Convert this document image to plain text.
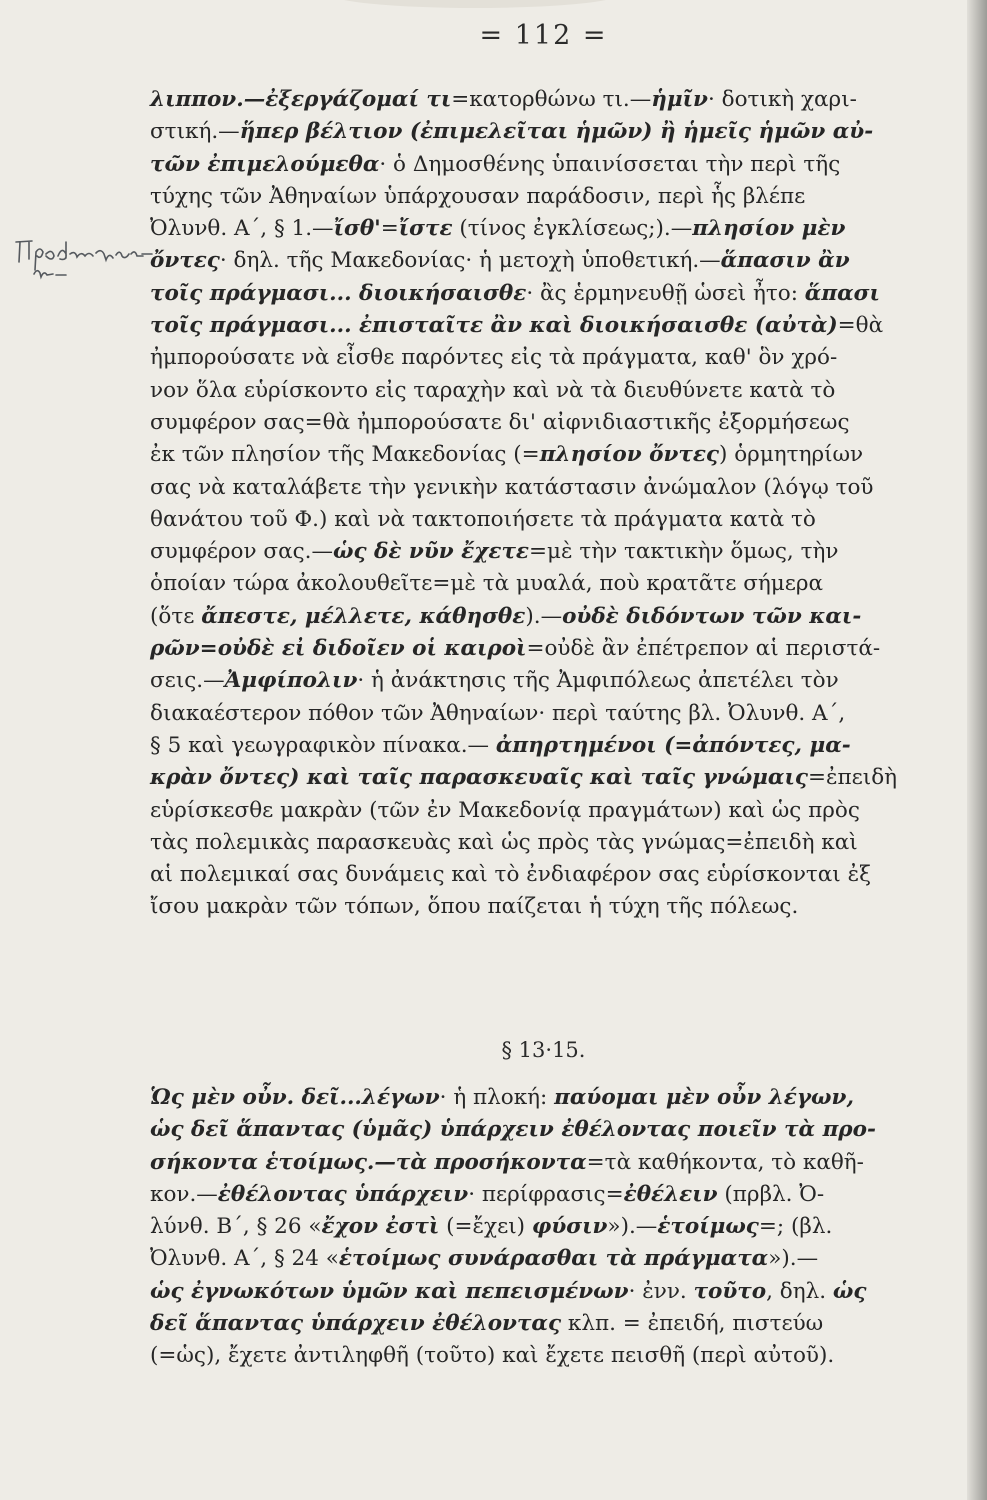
= 112 =
λιππον.—ἐξεργάζομαί τι=κατορθώνω τι.—ἡμῖν· δοτικὴ χαρι-
στική.—ἥπερ βέλτιον (ἐπιμελεῖται ἡμῶν) ἢ ἡμεῖς ἡμῶν αὐ-
τῶν ἐπιμελούμεθα· ὁ Δημοσθένης ὑπαινίσσεται τὴν περὶ τῆς
τύχης τῶν Ἀθηναίων ὑπάρχουσαν παράδοσιν, περὶ ἧς βλέπε
Ὀλυνθ. Α΄, § 1.—ἴσθ'=ἴστε (τίνος ἐγκλίσεως;).—πλησίον μὲν
ὄντες· δηλ. τῆς Μακεδονίας· ἡ μετοχὴ ὑποθετική.—ἅπασιν ἂν
τοῖς πράγμασι... διοικήσαισθε· ἂς ἑρμηνευθῇ ὡσεὶ ἦτο: ἅπασι
τοῖς πράγμασι... ἐπισταῖτε ἂν καὶ διοικήσαισθε (αὐτὰ)=θὰ
ἠμπορούσατε νὰ εἶσθε παρόντες εἰς τὰ πράγματα, καθ' ὃν χρό-
νον ὅλα εὑρίσκοντο εἰς ταραχὴν καὶ νὰ τὰ διευθύνετε κατὰ τὸ
συμφέρον σας=θὰ ἠμπορούσατε δι' αἰφνιδιαστικῆς ἐξορμήσεως
ἐκ τῶν πλησίον τῆς Μακεδονίας (=πλησίον ὄντες) ὁρμητηρίων
σας νὰ καταλάβετε τὴν γενικὴν κατάστασιν ἀνώμαλον (λόγῳ τοῦ
θανάτου τοῦ Φ.) καὶ νὰ τακτοποιήσετε τὰ πράγματα κατὰ τὸ
συμφέρον σας.—ὡς δὲ νῦν ἔχετε=μὲ τὴν τακτικὴν ὅμως, τὴν
ὁποίαν τώρα ἀκολουθεῖτε=μὲ τὰ μυαλά, ποὺ κρατᾶτε σήμερα
(ὅτε ἄπεστε, μέλλετε, κάθησθε).—οὐδὲ διδόντων τῶν και-
ρῶν=οὐδὲ εἰ διδοῖεν οἱ καιροὶ=οὐδὲ ἂν ἐπέτρεπον αἱ περιστά-
σεις.—Ἀμφίπολιν· ἡ ἀνάκτησις τῆς Ἀμφιπόλεως ἀπετέλει τὸν
διακαέστερον πόθον τῶν Ἀθηναίων· περὶ ταύτης βλ. Ὀλυνθ. Α΄,
§ 5 καὶ γεωγραφικὸν πίνακα.— ἀπηρτημένοι (=ἀπόντες, μα-
κρὰν ὄντες) καὶ ταῖς παρασκευαῖς καὶ ταῖς γνώμαις=ἐπειδὴ
εὑρίσκεσθε μακρὰν (τῶν ἐν Μακεδονίᾳ πραγμάτων) καὶ ὡς πρὸς
τὰς πολεμικὰς παρασκευὰς καὶ ὡς πρὸς τὰς γνώμας=ἐπειδὴ καὶ
αἱ πολεμικαί σας δυνάμεις καὶ τὸ ἐνδιαφέρον σας εὑρίσκονται ἐξ
ἴσου μακρὰν τῶν τόπων, ὅπου παίζεται ἡ τύχη τῆς πόλεως.
§ 13·15.
Ὡς μὲν οὖν. δεῖ...λέγων· ἡ πλοκή: παύομαι μὲν οὖν λέγων,
ὡς δεῖ ἅπαντας (ὑμᾶς) ὑπάρχειν ἐθέλοντας ποιεῖν τὰ προ-
σήκοντα ἑτοίμως.—τὰ προσήκοντα=τὰ καθήκοντα, τὸ καθῆ-
κον.—ἐθέλοντας ὑπάρχειν· περίφρασις=ἐθέλειν (πρβλ. Ὀ-
λύνθ. Β΄, § 26 «ἔχον ἐστὶ (=ἔχει) φύσιν»).—ἑτοίμως=; (βλ.
Ὀλυνθ. Α΄, § 24 «ἑτοίμως συνάρασθαι τὰ πράγματα»).—
ὡς ἐγνωκότων ὑμῶν καὶ πεπεισμένων· ἐνν. τοῦτο, δηλ. ὡς
δεῖ ἅπαντας ὑπάρχειν ἐθέλοντας κλπ. = ἐπειδή, πιστεύω
(=ὡς), ἔχετε ἀντιληφθῆ (τοῦτο) καὶ ἔχετε πεισθῆ (περὶ αὐτοῦ).
